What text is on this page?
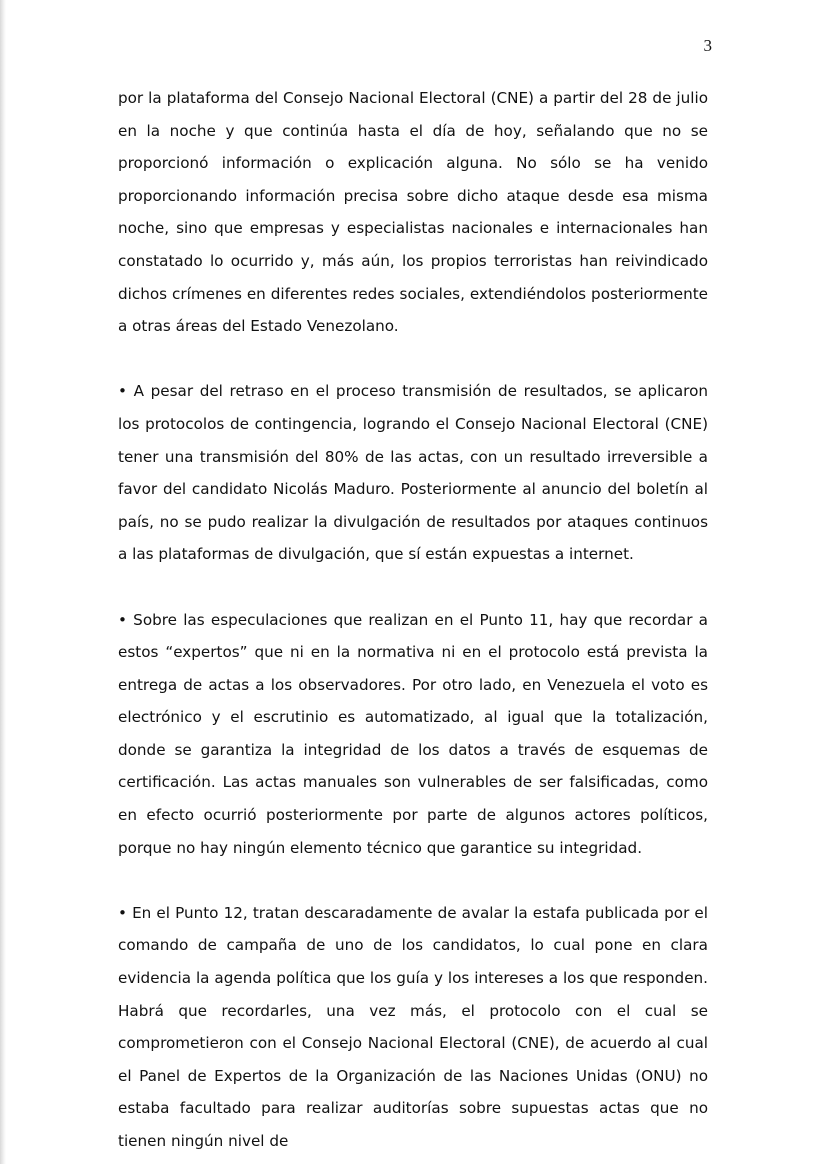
3

por la plataforma del Consejo Nacional Electoral (CNE) a partir del 28 de julio en la noche y que continúa hasta el día de hoy, señalando que no se proporcionó información o explicación alguna. No sólo se ha venido proporcionando información precisa sobre dicho ataque desde esa misma noche, sino que empresas y especialistas nacionales e internacionales han constatado lo ocurrido y, más aún, los propios terroristas han reivindicado dichos crímenes en diferentes redes sociales, extendiéndolos posteriormente a otras áreas del Estado Venezolano.

• A pesar del retraso en el proceso transmisión de resultados, se aplicaron los protocolos de contingencia, logrando el Consejo Nacional Electoral (CNE) tener una transmisión del 80% de las actas, con un resultado irreversible a favor del candidato Nicolás Maduro. Posteriormente al anuncio del boletín al país, no se pudo realizar la divulgación de resultados por ataques continuos a las plataformas de divulgación, que sí están expuestas a internet.

• Sobre las especulaciones que realizan en el Punto 11, hay que recordar a estos “expertos” que ni en la normativa ni en el protocolo está prevista la entrega de actas a los observadores. Por otro lado, en Venezuela el voto es electrónico y el escrutinio es automatizado, al igual que la totalización, donde se garantiza la integridad de los datos a través de esquemas de certificación. Las actas manuales son vulnerables de ser falsificadas, como en efecto ocurrió posteriormente por parte de algunos actores políticos, porque no hay ningún elemento técnico que garantice su integridad.

• En el Punto 12, tratan descaradamente de avalar la estafa publicada por el comando de campaña de uno de los candidatos, lo cual pone en clara evidencia la agenda política que los guía y los intereses a los que responden. Habrá que recordarles, una vez más, el protocolo con el cual se comprometieron con el Consejo Nacional Electoral (CNE), de acuerdo al cual el Panel de Expertos de la Organización de las Naciones Unidas (ONU) no estaba facultado para realizar auditorías sobre supuestas actas que no tienen ningún nivel de
